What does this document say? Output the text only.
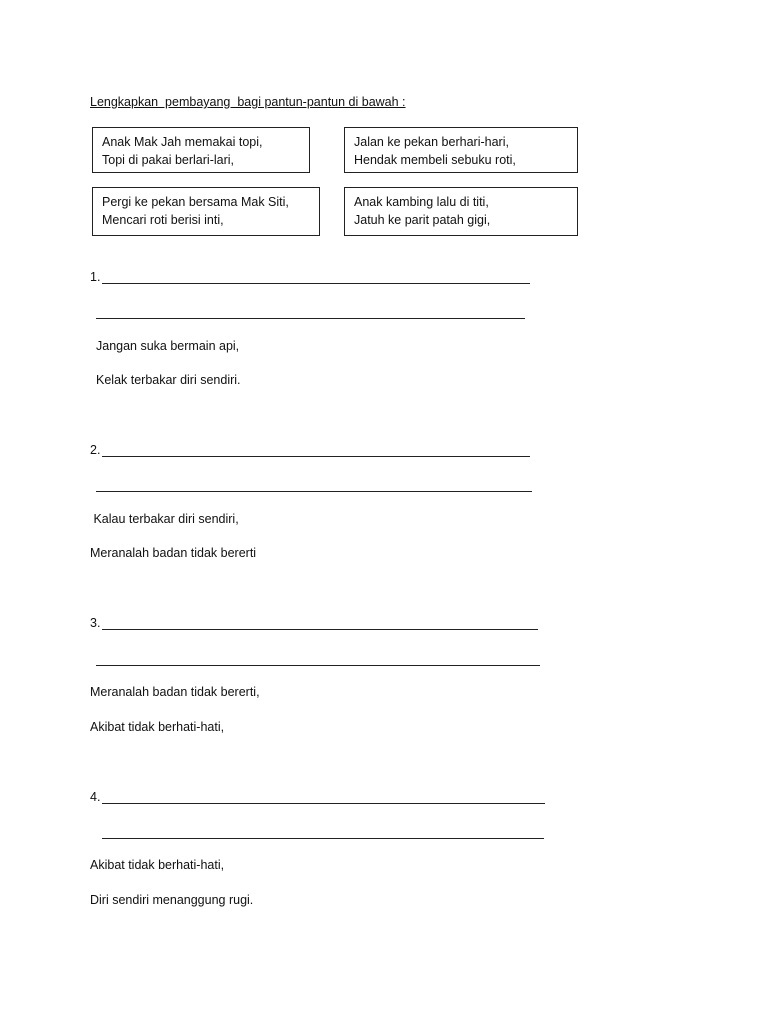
Lengkapkan  pembayang  bagi pantun-pantun di bawah :
Anak Mak Jah memakai topi,
Topi di pakai berlari-lari,
Jalan ke pekan berhari-hari,
Hendak membeli sebuku roti,
Pergi ke pekan bersama Mak Siti,
Mencari roti berisi inti,
Anak kambing lalu di titi,
Jatuh ke parit patah gigi,
1.
Jangan suka bermain api,
Kelak terbakar diri sendiri.
2.
Kalau terbakar diri sendiri,
Meranalah badan tidak bererti
3.
Meranalah badan tidak bererti,
Akibat tidak berhati-hati,
4.
Akibat tidak berhati-hati,
Diri sendiri menanggung rugi.
